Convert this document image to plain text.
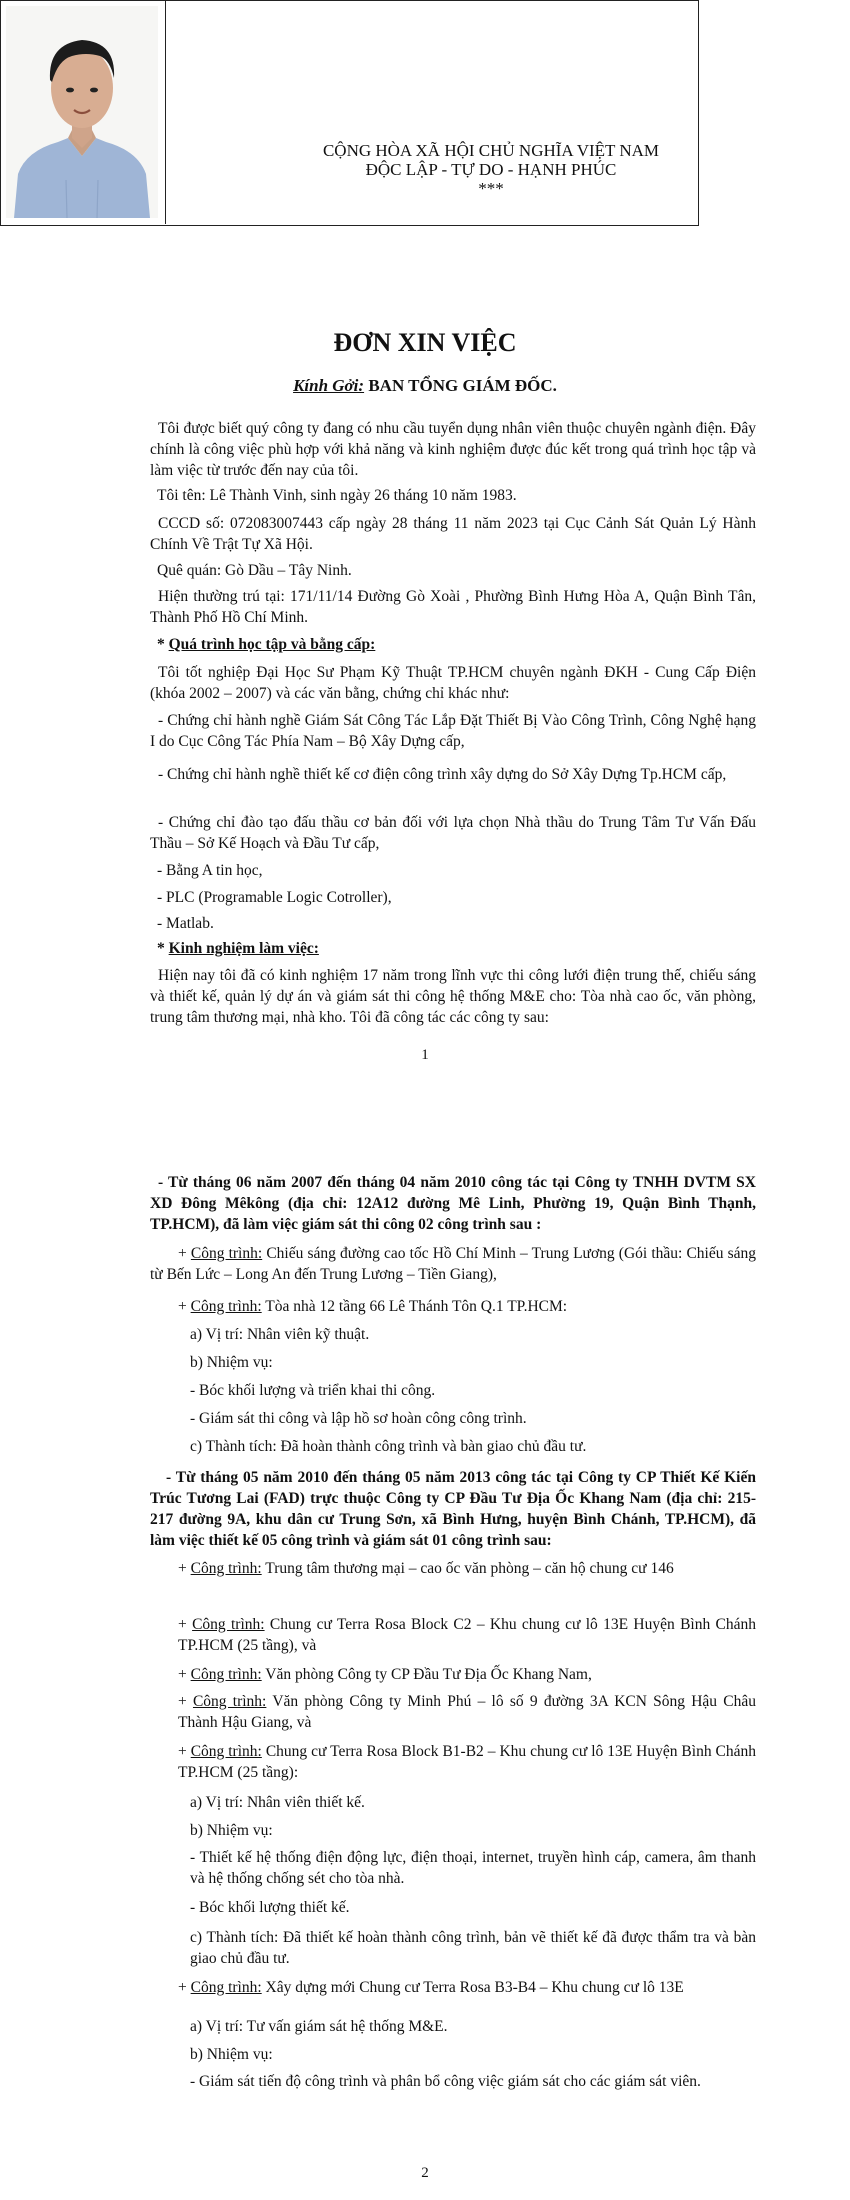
CỘNG HÒA XÃ HỘI CHỦ NGHĨA VIỆT NAM
ĐỘC LẬP - TỰ DO - HẠNH PHÚC
***
ĐƠN XIN VIỆC
Kính Gởi: BAN TỔNG GIÁM ĐỐC.
Tôi được biết quý công ty đang có nhu cầu tuyển dụng nhân viên thuộc chuyên ngành điện. Đây chính là công việc phù hợp với khả năng và kinh nghiệm được đúc kết trong quá trình học tập và làm việc từ trước đến nay của tôi.
Tôi tên: Lê Thành Vinh, sinh ngày 26 tháng 10 năm 1983.
CCCD số: 072083007443 cấp ngày 28 tháng 11 năm 2023 tại Cục Cảnh Sát Quản Lý Hành Chính Về Trật Tự Xã Hội.
Quê quán: Gò Dầu – Tây Ninh.
Hiện thường trú tại: 171/11/14 Đường Gò Xoài , Phường Bình Hưng Hòa A, Quận Bình Tân, Thành Phố Hồ Chí Minh.
* Quá trình học tập và bằng cấp:
Tôi tốt nghiệp Đại Học Sư Phạm Kỹ Thuật TP.HCM chuyên ngành ĐKH - Cung Cấp Điện (khóa 2002 – 2007) và các văn bằng, chứng chỉ khác như:
- Chứng chỉ hành nghề Giám Sát Công Tác Lắp Đặt Thiết Bị Vào Công Trình, Công Nghệ hạng I do Cục Công Tác Phía Nam – Bộ Xây Dựng cấp,
- Chứng chỉ hành nghề thiết kế cơ điện công trình xây dựng do Sở Xây Dựng Tp.HCM cấp,
- Chứng chỉ đào tạo đấu thầu cơ bản đối với lựa chọn Nhà thầu do Trung Tâm Tư Vấn Đấu Thầu – Sở Kế Hoạch và Đầu Tư cấp,
- Bằng A tin học,
- PLC (Programable Logic Cotroller),
- Matlab.
* Kinh nghiệm làm việc:
Hiện nay tôi đã có kinh nghiệm 17 năm trong lĩnh vực thi công lưới điện trung thế, chiếu sáng và thiết kế, quản lý dự án và giám sát thi công hệ thống M&E cho: Tòa nhà cao ốc, văn phòng, trung tâm thương mại, nhà kho. Tôi đã công tác các công ty sau:
1
- Từ tháng 06 năm 2007 đến tháng 04 năm 2010 công tác tại Công ty TNHH DVTM SX XD Đông Mêkông (địa chỉ: 12A12 đường Mê Linh, Phường 19, Quận Bình Thạnh, TP.HCM), đã làm việc giám sát thi công 02 công trình sau :
+ Công trình: Chiếu sáng đường cao tốc Hồ Chí Minh – Trung Lương (Gói thầu: Chiếu sáng từ Bến Lức – Long An đến Trung Lương – Tiền Giang),
+ Công trình: Tòa nhà 12 tầng 66 Lê Thánh Tôn Q.1 TP.HCM:
a) Vị trí: Nhân viên kỹ thuật.
b) Nhiệm vụ:
- Bóc khối lượng và triển khai thi công.
- Giám sát thi công và lập hồ sơ hoàn công công trình.
c) Thành tích: Đã hoàn thành công trình và bàn giao chủ đầu tư.
- Từ tháng 05 năm 2010 đến tháng 05 năm 2013 công tác tại Công ty CP Thiết Kế Kiến Trúc Tương Lai (FAD) trực thuộc Công ty CP Đầu Tư Địa Ốc Khang Nam (địa chỉ: 215-217 đường 9A, khu dân cư Trung Sơn, xã Bình Hưng, huyện Bình Chánh, TP.HCM), đã làm việc thiết kế 05 công trình và giám sát 01 công trình sau:
+ Công trình: Trung tâm thương mại – cao ốc văn phòng – căn hộ chung cư 146
+ Công trình: Chung cư Terra Rosa Block C2 – Khu chung cư lô 13E Huyện Bình Chánh TP.HCM (25 tầng), và
+ Công trình: Văn phòng Công ty CP Đầu Tư Địa Ốc Khang Nam,
+ Công trình: Văn phòng Công ty Minh Phú – lô số 9 đường 3A KCN Sông Hậu Châu Thành Hậu Giang, và
+ Công trình: Chung cư Terra Rosa Block B1-B2 – Khu chung cư lô 13E Huyện Bình Chánh TP.HCM (25 tầng):
a) Vị trí: Nhân viên thiết kế.
b) Nhiệm vụ:
- Thiết kế hệ thống điện động lực, điện thoại, internet, truyền hình cáp, camera, âm thanh và hệ thống chống sét cho tòa nhà.
- Bóc khối lượng thiết kế.
c) Thành tích: Đã thiết kế hoàn thành công trình, bản vẽ thiết kế đã được thẩm tra và bàn giao chủ đầu tư.
+ Công trình: Xây dựng mới Chung cư Terra Rosa B3-B4 – Khu chung cư lô 13E
a) Vị trí: Tư vấn giám sát hệ thống M&E.
b) Nhiệm vụ:
- Giám sát tiến độ công trình và phân bổ công việc giám sát cho các giám sát viên.
2
